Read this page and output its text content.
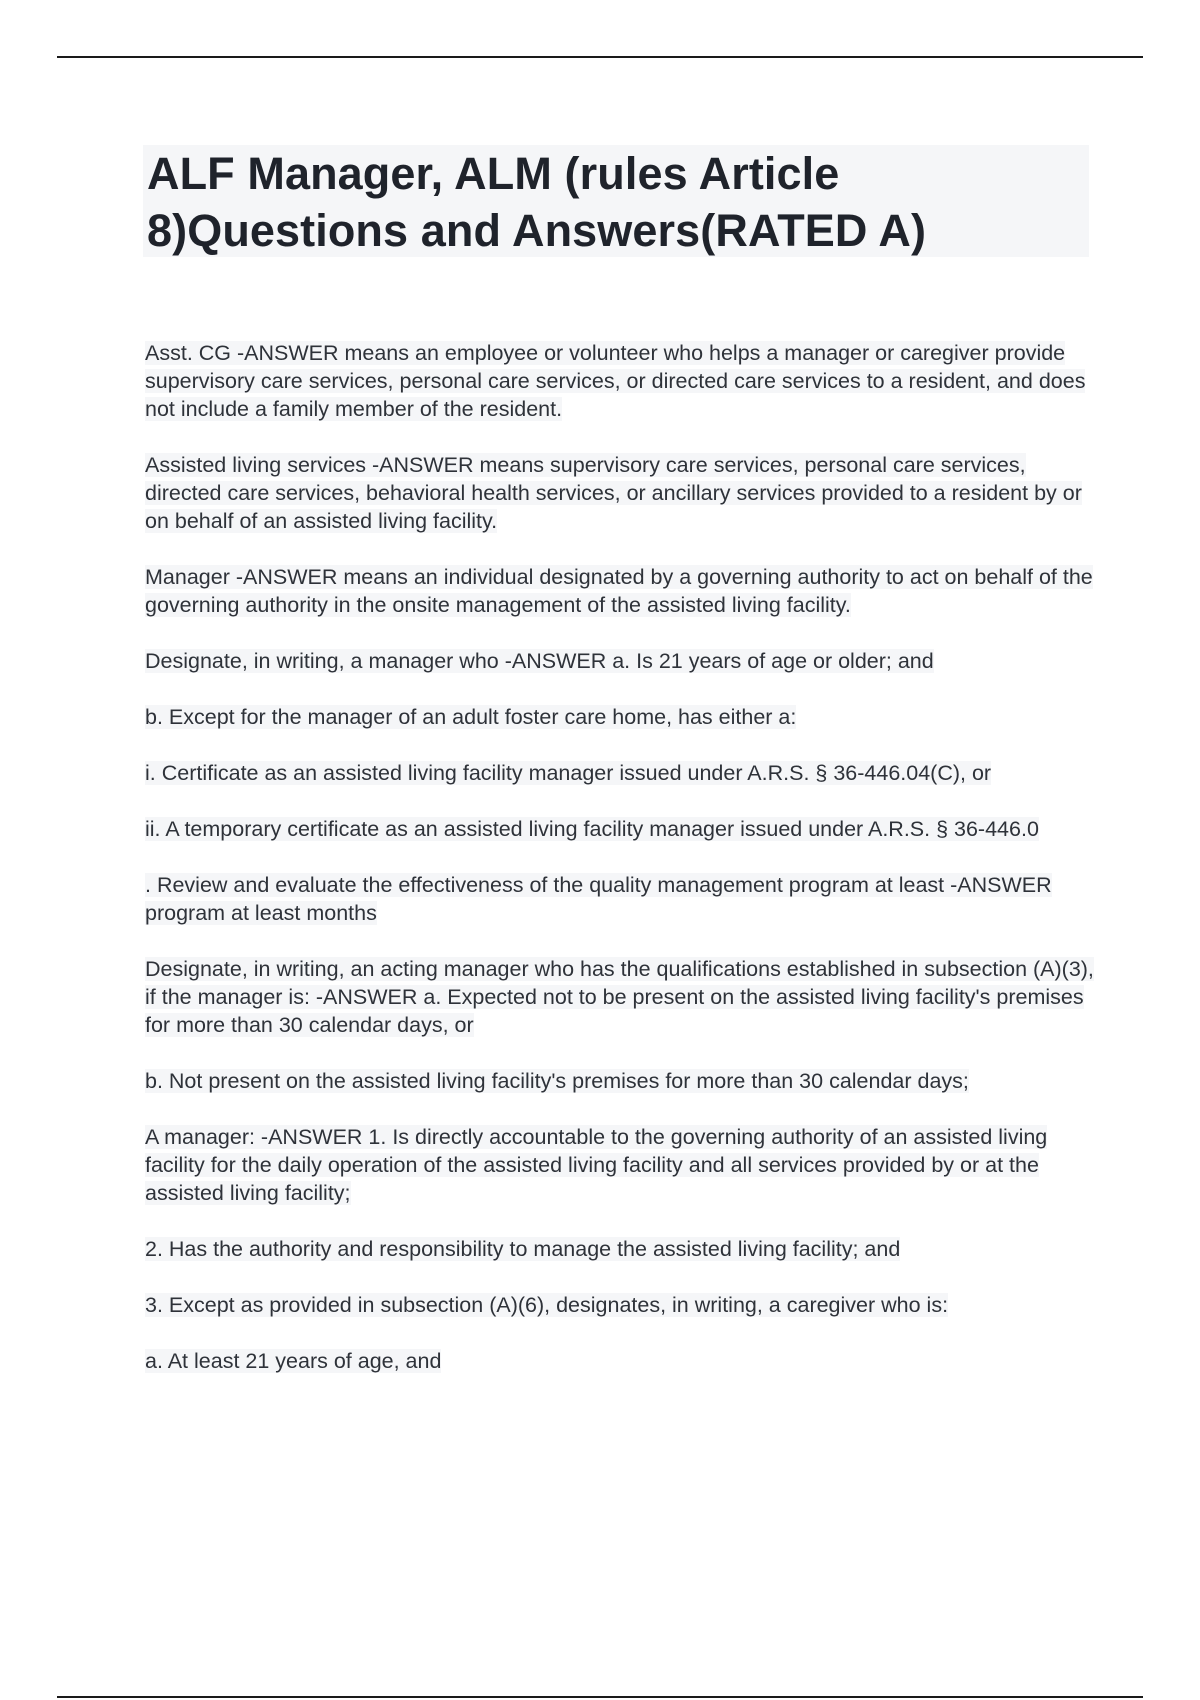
ALF Manager, ALM (rules Article 8)Questions and Answers(RATED A)

Asst. CG -ANSWER means an employee or volunteer who helps a manager or caregiver provide supervisory care services, personal care services, or directed care services to a resident, and does not include a family member of the resident.

Assisted living services -ANSWER means supervisory care services, personal care services, directed care services, behavioral health services, or ancillary services provided to a resident by or on behalf of an assisted living facility.

Manager -ANSWER means an individual designated by a governing authority to act on behalf of the governing authority in the onsite management of the assisted living facility.

Designate, in writing, a manager who -ANSWER a. Is 21 years of age or older; and

b. Except for the manager of an adult foster care home, has either a:

i. Certificate as an assisted living facility manager issued under A.R.S. § 36-446.04(C), or

ii. A temporary certificate as an assisted living facility manager issued under A.R.S. § 36-446.0

. Review and evaluate the effectiveness of the quality management program at least -ANSWER program at least months

Designate, in writing, an acting manager who has the qualifications established in subsection (A)(3), if the manager is: -ANSWER a. Expected not to be present on the assisted living facility's premises for more than 30 calendar days, or

b. Not present on the assisted living facility's premises for more than 30 calendar days;

A manager: -ANSWER 1. Is directly accountable to the governing authority of an assisted living facility for the daily operation of the assisted living facility and all services provided by or at the assisted living facility;

2. Has the authority and responsibility to manage the assisted living facility; and

3. Except as provided in subsection (A)(6), designates, in writing, a caregiver who is:

a. At least 21 years of age, and
